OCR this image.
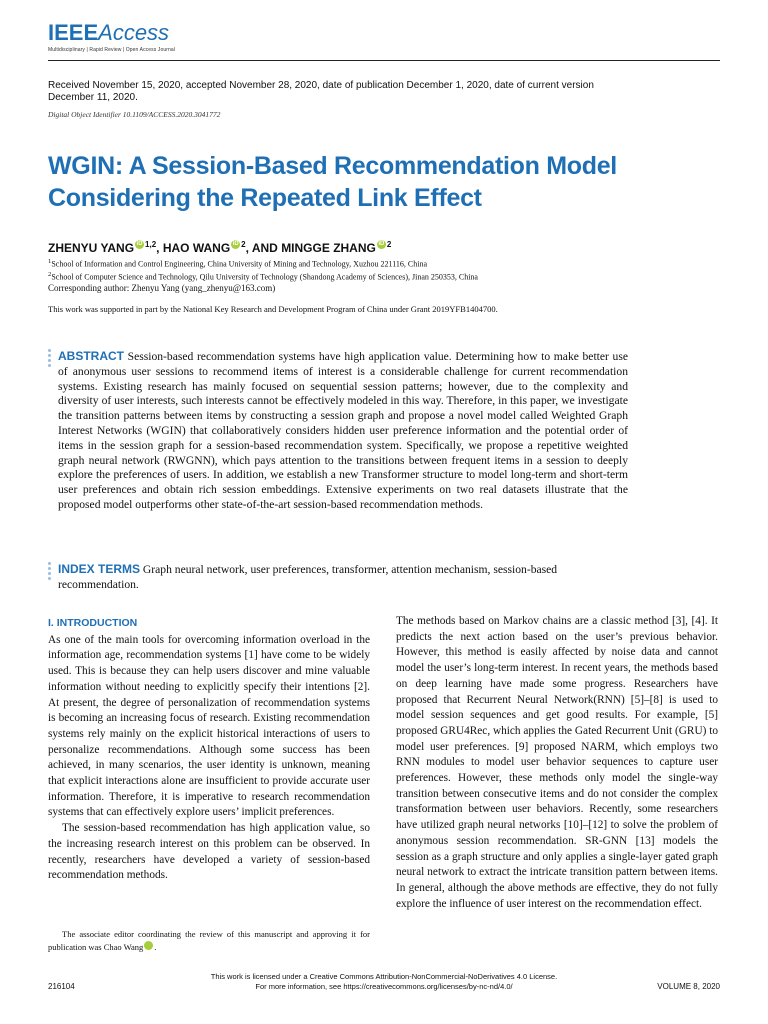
IEEEAccess
Multidisciplinary | Rapid Review | Open Access Journal
Received November 15, 2020, accepted November 28, 2020, date of publication December 1, 2020, date of current version December 11, 2020.
Digital Object Identifier 10.1109/ACCESS.2020.3041772
WGIN: A Session-Based Recommendation Model Considering the Repeated Link Effect
ZHENYU YANG iD $^{1,2}$, HAO WANG iD $^2$, AND MINGGE ZHANG iD $^2$
$^1$School of Information and Control Engineering, China University of Mining and Technology, Xuzhou 221116, China
$^2$School of Computer Science and Technology, Qilu University of Technology (Shandong Academy of Sciences), Jinan 250353, China
Corresponding author: Zhenyu Yang (yang_zhenyu@163.com)
This work was supported in part by the National Key Research and Development Program of China under Grant 2019YFB1404700.
ABSTRACT Session-based recommendation systems have high application value. Determining how to make better use of anonymous user sessions to recommend items of interest is a considerable challenge for current recommendation systems. Existing research has mainly focused on sequential session patterns; however, due to the complexity and diversity of user interests, such interests cannot be effectively modeled in this way. Therefore, in this paper, we investigate the transition patterns between items by constructing a session graph and propose a novel model called Weighted Graph Interest Networks (WGIN) that collaboratively considers hidden user preference information and the potential order of items in the session graph for a session-based recommendation system. Specifically, we propose a repetitive weighted graph neural network (RWGNN), which pays attention to the transitions between frequent items in a session to deeply explore the preferences of users. In addition, we establish a new Transformer structure to model long-term and short-term user preferences and obtain rich session embeddings. Extensive experiments on two real datasets illustrate that the proposed model outperforms other state-of-the-art session-based recommendation methods.
INDEX TERMS Graph neural network, user preferences, transformer, attention mechanism, session-based recommendation.
I. INTRODUCTION

As one of the main tools for overcoming information overload in the information age, recommendation systems [1] have come to be widely used. This is because they can help users discover and mine valuable information without needing to explicitly specify their intentions [2]. At present, the degree of personalization of recommendation systems is becoming an increasing focus of research. Existing recommendation systems rely mainly on the explicit historical interactions of users to personalize recommendations. Although some success has been achieved, in many scenarios, the user identity is unknown, meaning that explicit interactions alone are insufficient to provide accurate user information. Therefore, it is imperative to research recommendation systems that can effectively explore users’ implicit preferences.

The session-based recommendation has high application value, so the increasing research interest on this problem can be observed. In recently, researchers have developed a variety of session-based recommendation methods.

The associate editor coordinating the review of this manuscript and approving it for publication was Chao Wang	iD.

The methods based on Markov chains are a classic method [3], [4]. It predicts the next action based on the user’s previous behavior. However, this method is easily affected by noise data and cannot model the user’s long-term interest. In recent years, the methods based on deep learning have made some progress. Researchers have proposed that Recurrent Neural Network(RNN) [5]–[8] is used to model session sequences and get good results. For example, [5] proposed GRU4Rec, which applies the Gated Recurrent Unit (GRU) to model user preferences. [9] proposed NARM, which employs two RNN modules to model user behavior sequences to capture user preferences. However, these methods only model the single-way transition between consecutive items and do not consider the complex transformation between user behaviors. Recently, some researchers have utilized graph neural networks [10]–[12] to solve the problem of anonymous session recommendation. SR-GNN [13] models the session as a graph structure and only applies a single-layer gated graph neural network to extract the intricate transition pattern between items. In general, although the above methods are effective, they do not fully explore the influence of user interest on the recommendation effect.

This work is licensed under a Creative Commons Attribution-NonCommercial-NoDerivatives 4.0 License.
For more information, see https://creativecommons.org/licenses/by-nc-nd/4.0/
216104	VOLUME 8, 2020
